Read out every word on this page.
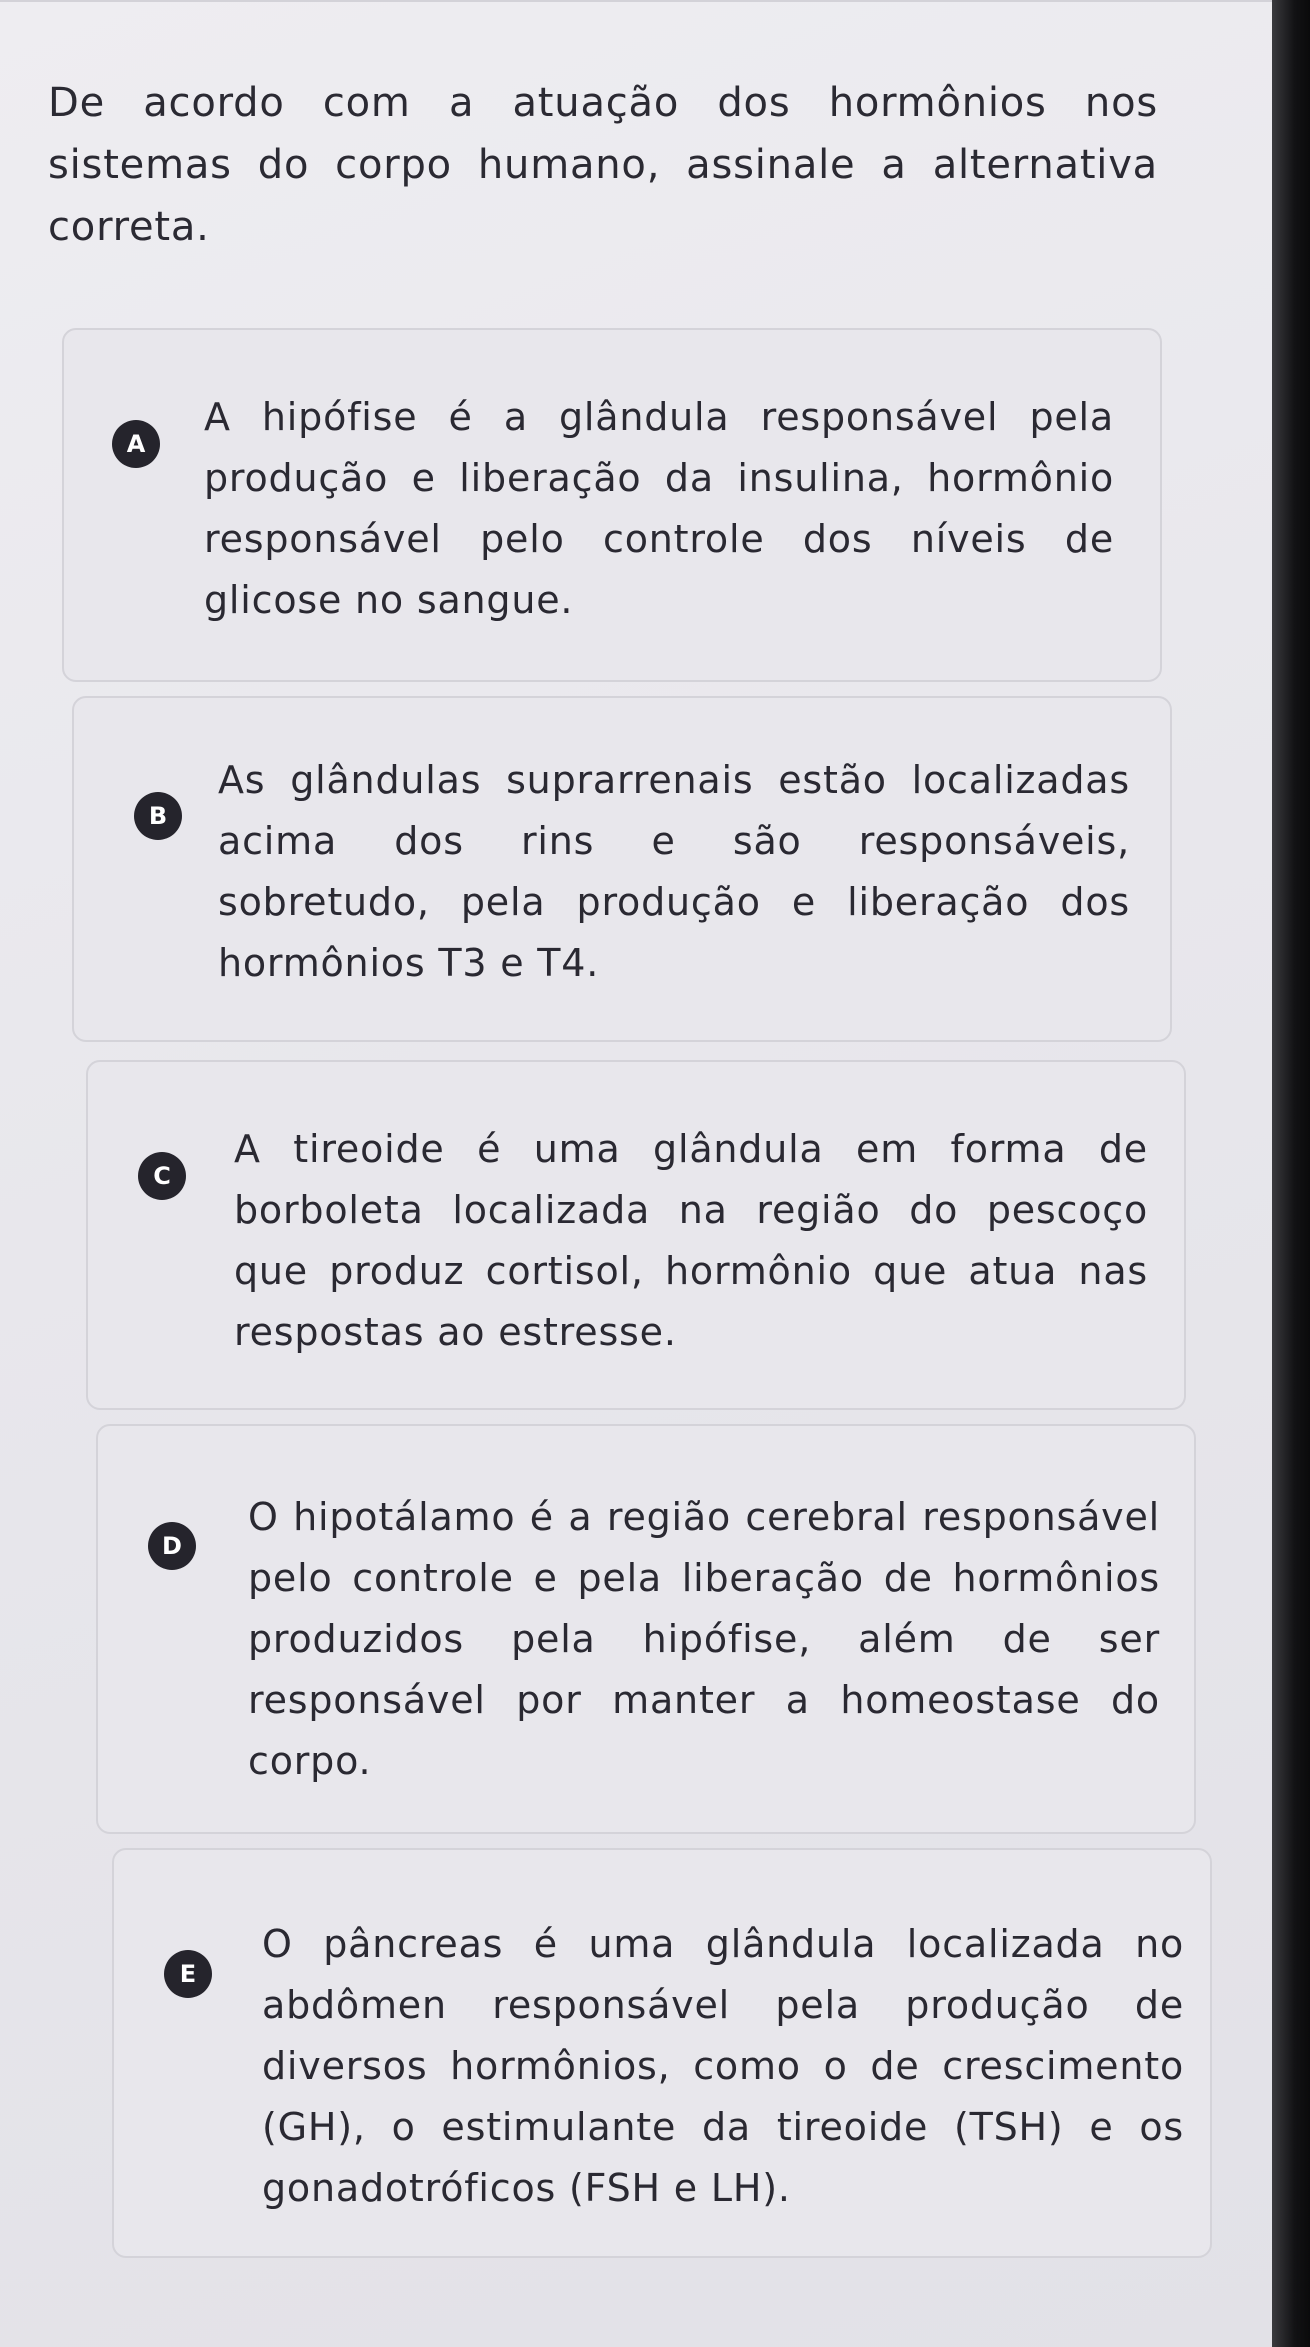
De acordo com a atuação dos hormônios nos sistemas do corpo humano, assinale a alternativa correta.
A
A hipófise é a glândula responsável pela produção e liberação da insulina, hormônio responsável pelo controle dos níveis de glicose no sangue.
B
As glândulas suprarrenais estão localizadas acima dos rins e são responsáveis, sobretudo, pela produção e liberação dos hormônios T3 e T4.
C
A tireoide é uma glândula em forma de borboleta localizada na região do pescoço que produz cortisol, hormônio que atua nas respostas ao estresse.
D
O hipotálamo é a região cerebral responsável pelo controle e pela liberação de hormônios produzidos pela hipófise, além de ser responsável por manter a homeostase do corpo.
E
O pâncreas é uma glândula localizada no abdômen responsável pela produção de diversos hormônios, como o de crescimento (GH), o estimulante da tireoide (TSH) e os gonadotróficos (FSH e LH).
